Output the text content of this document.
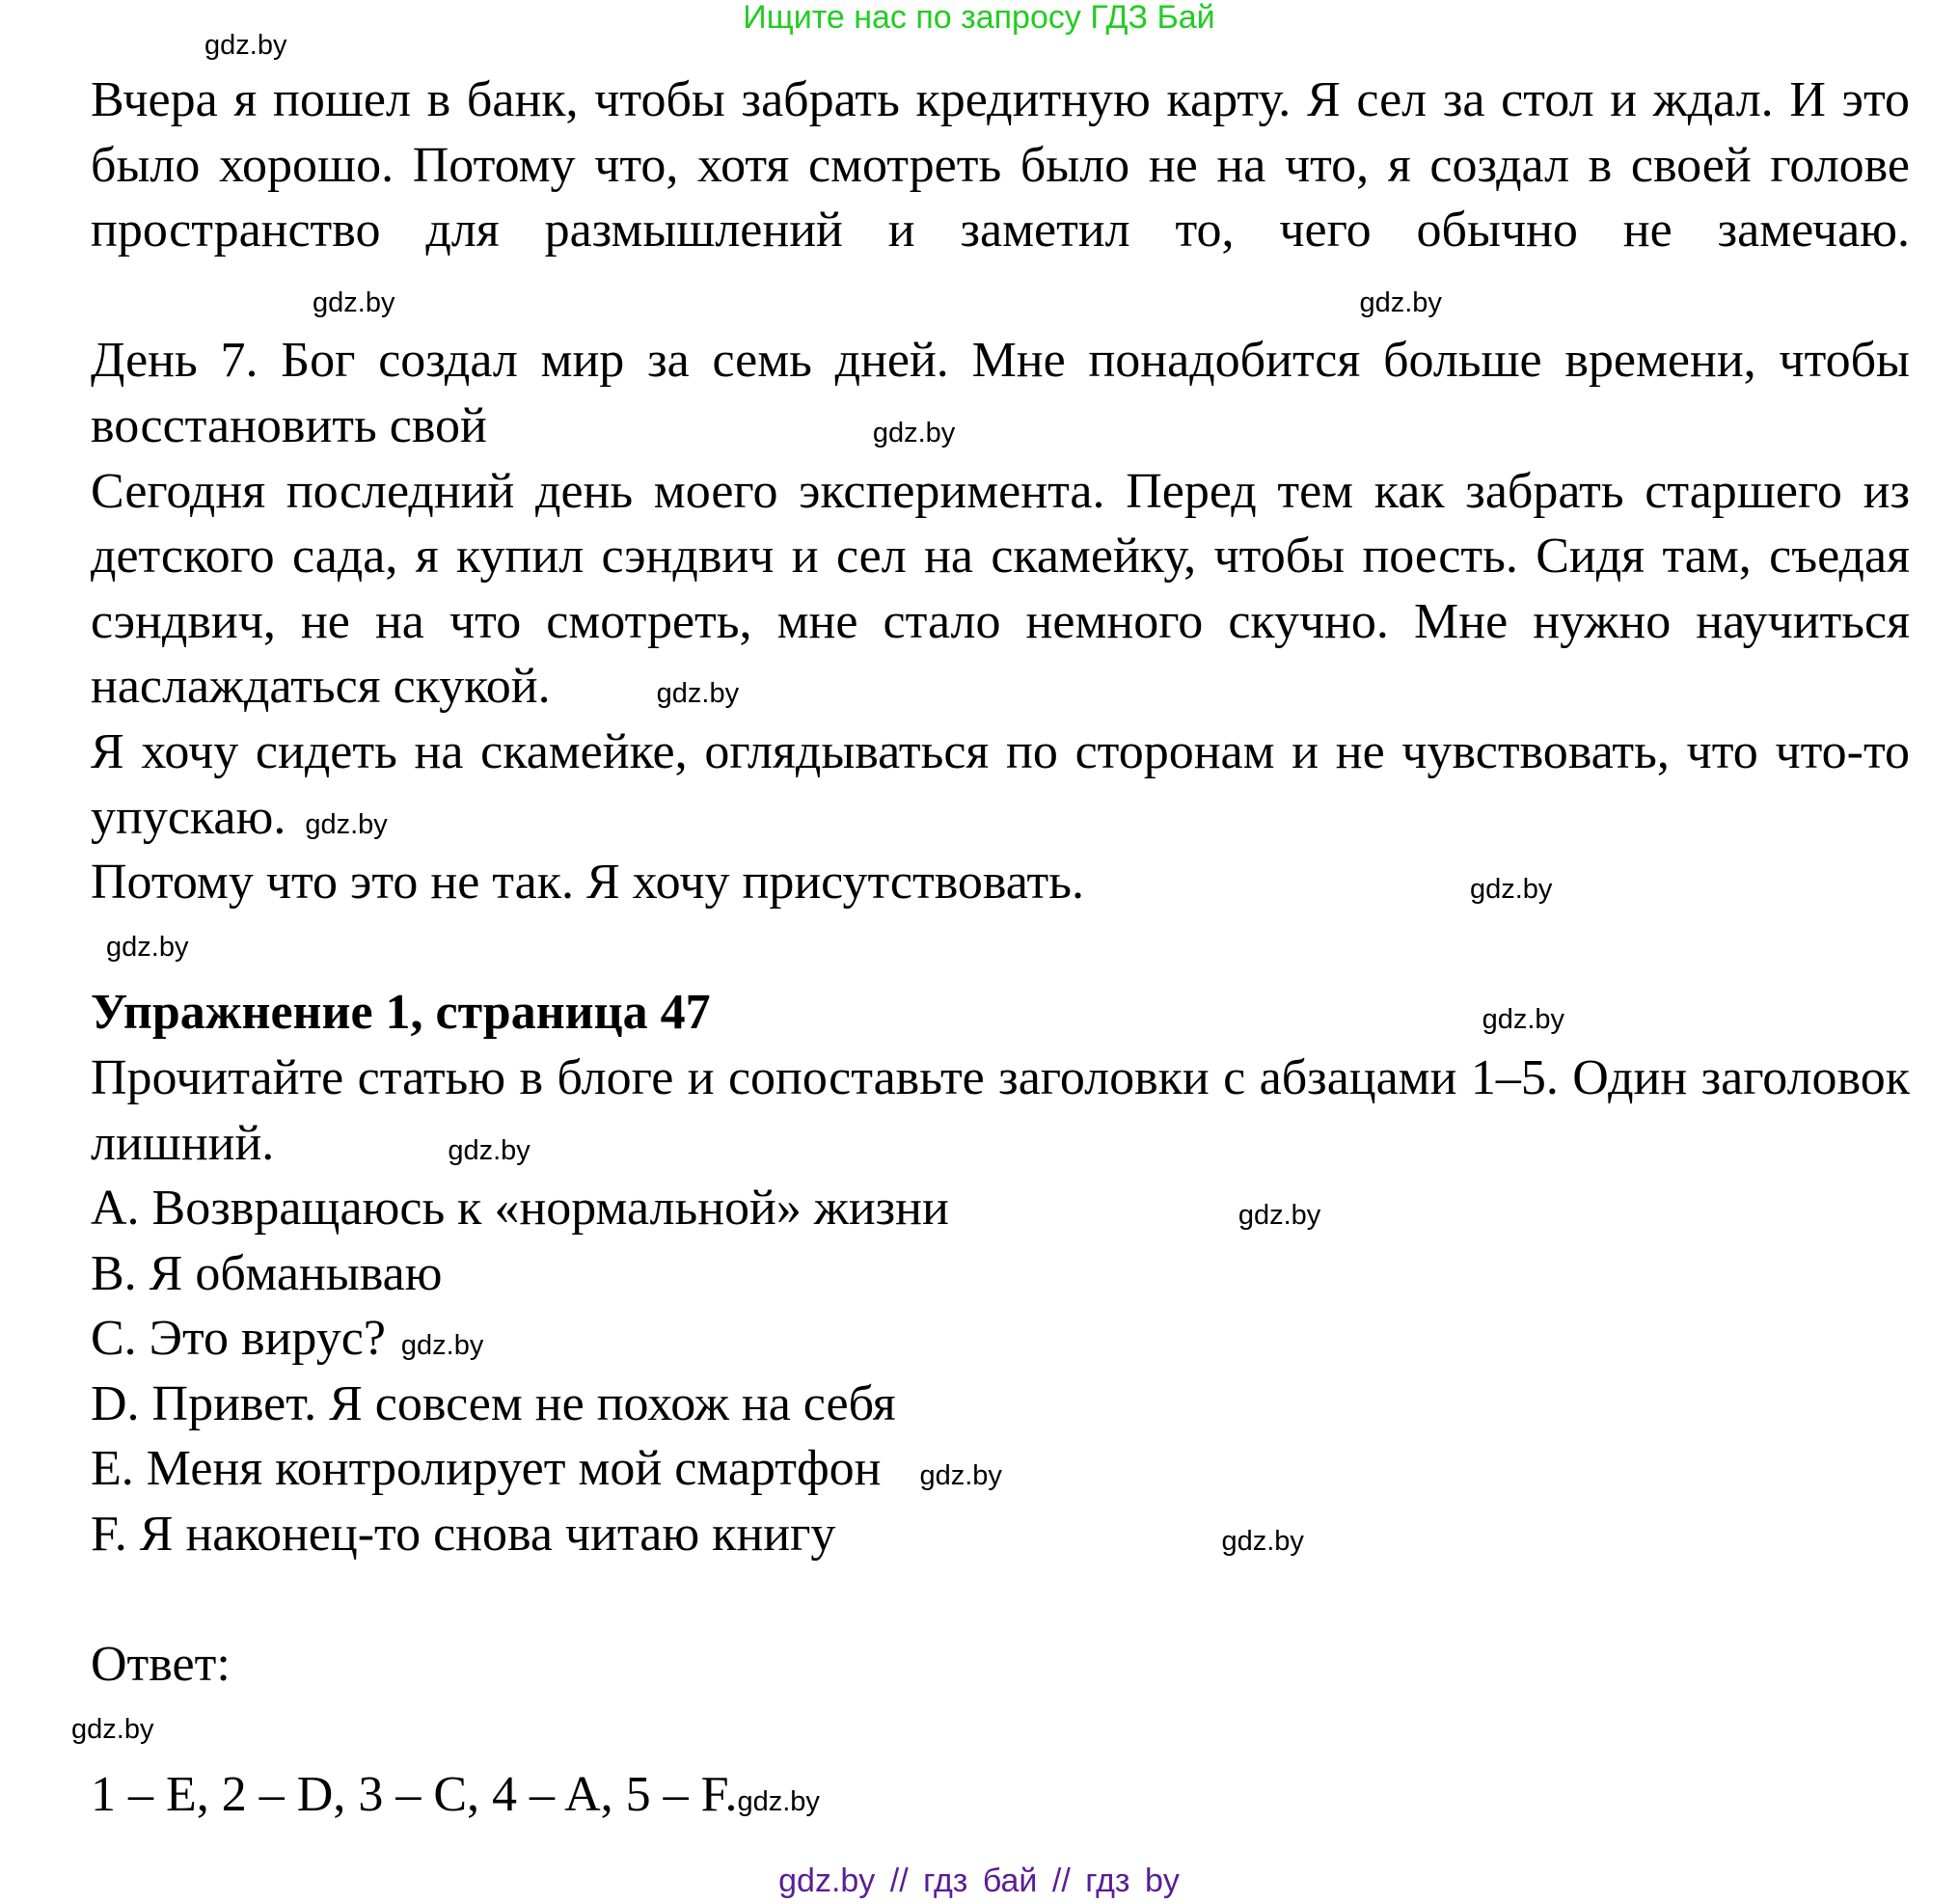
Ищите нас по запросу ГДЗ Бай
gdz.by
Вчера я пошел в банк, чтобы забрать кредитную карту. Я сел за стол и ждал. И это было хорошо. Потому что, хотя смотреть было не на что, я создал в своей голове пространство для размышлений и заметил то, чего обычно не замечаю.gdz.by	gdz.by
День 7. Бог создал мир за семь дней. Мне понадобится больше времени, чтобы восстановить свой	gdz.by
Сегодня последний день моего эксперимента. Перед тем как забрать старшего из детского сада, я купил сэндвич и сел на скамейку, чтобы поесть. Сидя там, съедая сэндвич, не на что смотреть, мне стало немного скучно. Мне нужно научиться наслаждаться скукой.	gdz.by
Я хочу сидеть на скамейке, оглядываться по сторонам и не чувствовать, что что-то упускаю. gdz.by
Потому что это не так. Я хочу присутствовать.	gdz.by
gdz.by
Упражнение 1, страница 47	gdz.by
Прочитайте статью в блоге и сопоставьте заголовки с абзацами 1–5. Один заголовок лишний.	gdz.by
A. Возвращаюсь к «нормальной» жизни	gdz.by
B. Я обманываю
C. Это вирус? gdz.by
D. Привет. Я совсем не похож на себя
E. Меня контролирует мой смартфон gdz.by
F. Я наконец-то снова читаю книгу	gdz.by
Ответ:
gdz.by
1 – E, 2 – D, 3 – C, 4 – A, 5 – F.gdz.by
gdz.by // гдз бай // гдз by
